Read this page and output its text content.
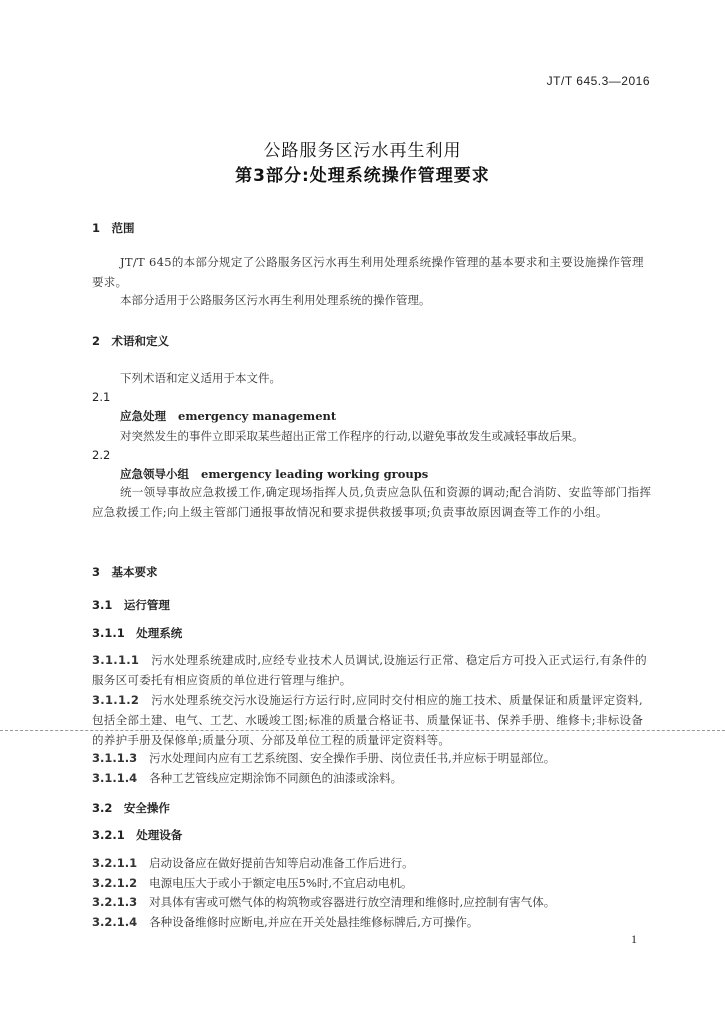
JT/T 645.3—2016
公路服务区污水再生利用
第3部分:处理系统操作管理要求
1　范围
JT/T 645的本部分规定了公路服务区污水再生利用处理系统操作管理的基本要求和主要设施操作管理要求。
本部分适用于公路服务区污水再生利用处理系统的操作管理。
2　术语和定义
下列术语和定义适用于本文件。
2.1
应急处理 emergency management
对突然发生的事件立即采取某些超出正常工作程序的行动,以避免事故发生或减轻事故后果。
2.2
应急领导小组 emergency leading working groups
统一领导事故应急救援工作,确定现场指挥人员,负责应急队伍和资源的调动;配合消防、安监等部门指挥应急救援工作;向上级主管部门通报事故情况和要求提供救援事项;负责事故原因调查等工作的小组。
3　基本要求
3.1　运行管理
3.1.1　处理系统
3.1.1.1 污水处理系统建成时,应经专业技术人员调试,设施运行正常、稳定后方可投入正式运行,有条件的服务区可委托有相应资质的单位进行管理与维护。
3.1.1.2 污水处理系统交污水设施运行方运行时,应同时交付相应的施工技术、质量保证和质量评定资料,包括全部土建、电气、工艺、水暖竣工图;标准的质量合格证书、质量保证书、保养手册、维修卡;非标设备的养护手册及保修单;质量分项、分部及单位工程的质量评定资料等。
3.1.1.3 污水处理间内应有工艺系统图、安全操作手册、岗位责任书,并应标于明显部位。
3.1.1.4 各种工艺管线应定期涂饰不同颜色的油漆或涂料。
3.2　安全操作
3.2.1　处理设备
3.2.1.1 启动设备应在做好提前告知等启动准备工作后进行。
3.2.1.2 电源电压大于或小于额定电压5%时,不宜启动电机。
3.2.1.3 对具体有害或可燃气体的构筑物或容器进行放空清理和维修时,应控制有害气体。
3.2.1.4 各种设备维修时应断电,并应在开关处悬挂维修标牌后,方可操作。
1
